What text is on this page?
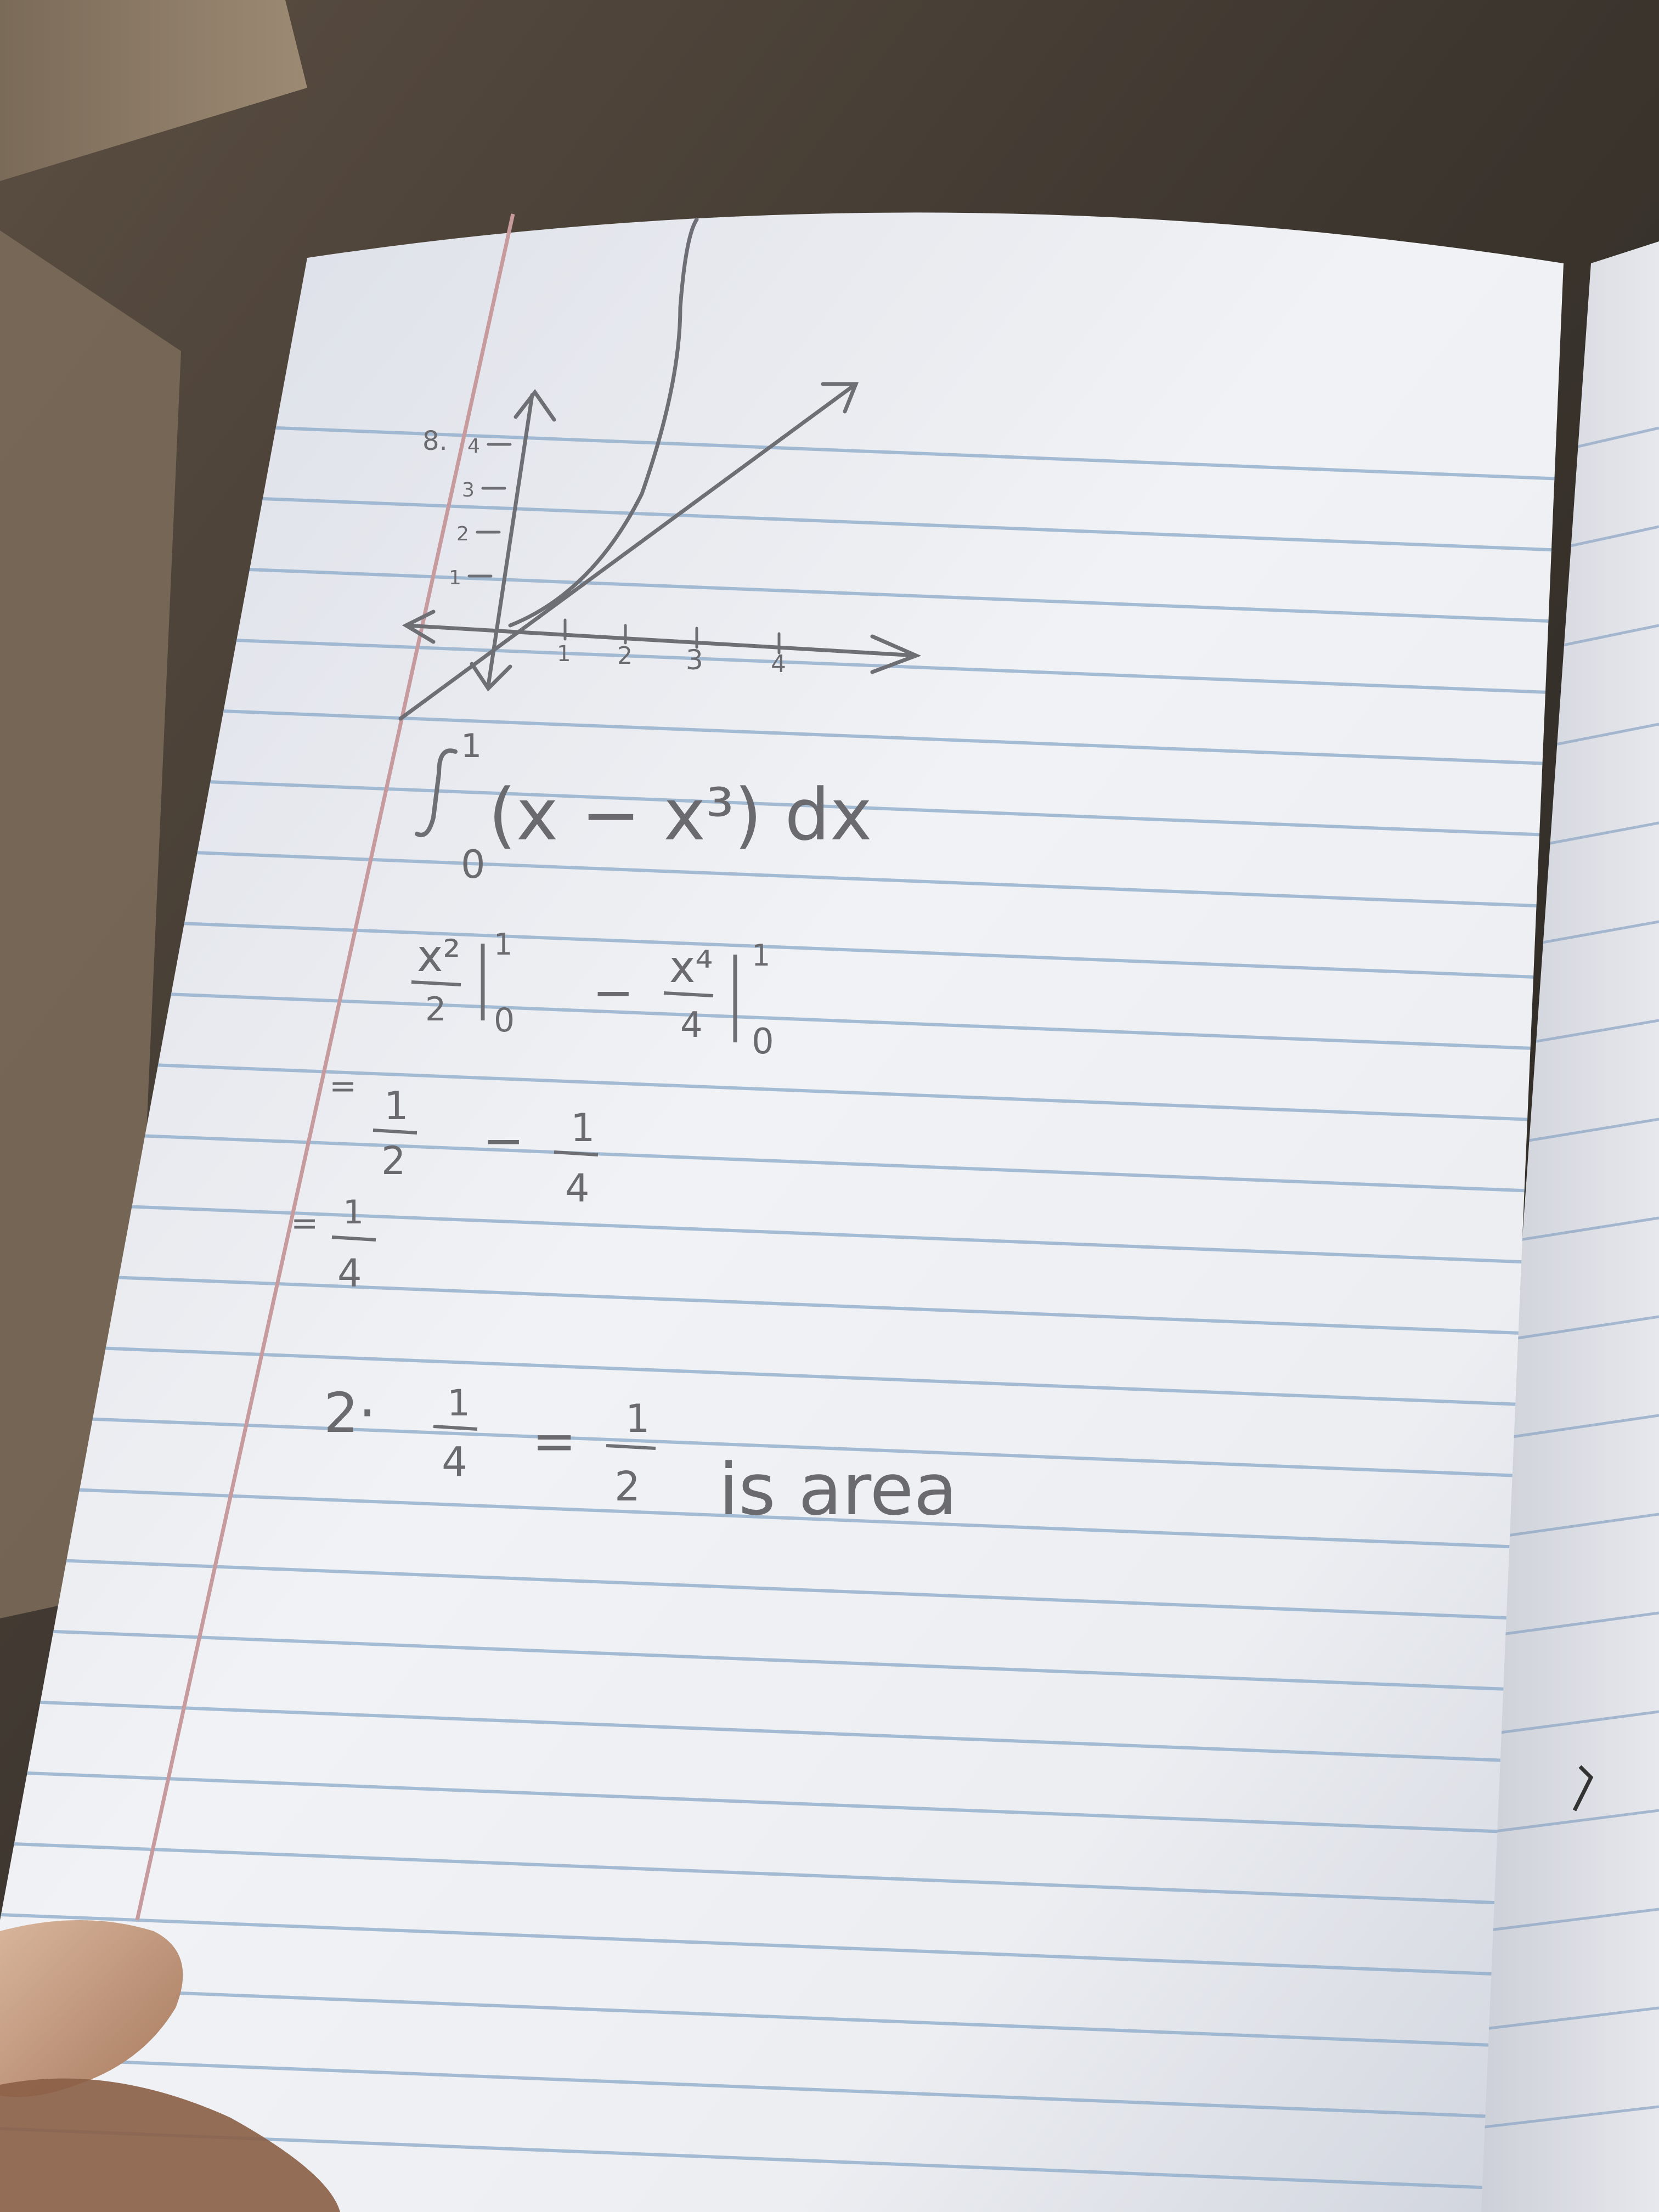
8.
1
2
3
4
1 2 3	4
1
0
(x − x³) dx
x²
2
1
0 − x⁴
4
1
0
= 1
2 − 1
4
= 1
4
2· 1
4 = 1
2 is area
